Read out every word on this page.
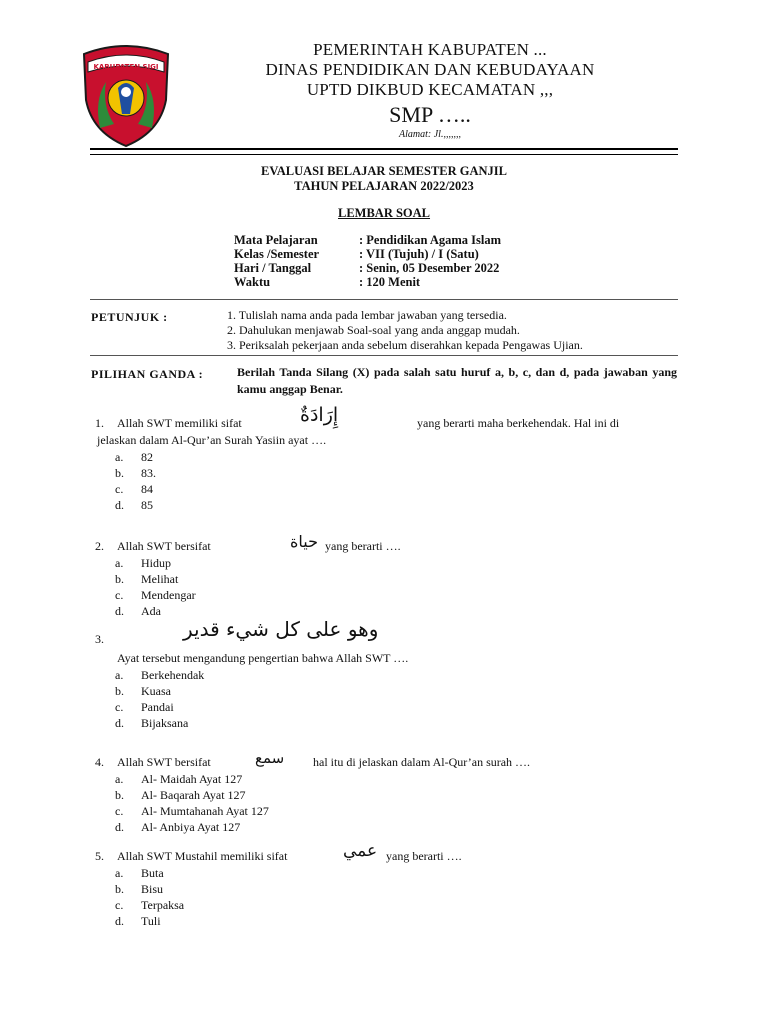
KABUPATEN SIGI
PEMERINTAH KABUPATEN ...
DINAS PENDIDIKAN DAN KEBUDAYAAN
UPTD DIKBUD KECAMATAN ,,,
SMP …..
Alamat: Jl.,,,,,,,
EVALUASI BELAJAR SEMESTER GANJIL
TAHUN PELAJARAN 2022/2023
LEMBAR SOAL
Mata Pelajaran	: Pendidikan Agama Islam
Kelas /Semester	: VII (Tujuh) / I (Satu)
Hari / Tanggal	: Senin, 05 Desember 2022
Waktu	: 120 Menit
PETUNJUK :	1. Tulislah nama anda pada lembar jawaban yang tersedia.
2. Dahulukan menjawab Soal-soal yang anda anggap mudah.
3. Periksalah pekerjaan anda sebelum diserahkan kepada Pengawas Ujian.
PILIHAN GANDA :	Berilah Tanda Silang (X) pada salah satu huruf a, b, c, dan d, pada jawaban yang kamu anggap Benar.
1. Allah SWT memiliki sifat	إِرَادَةٌ	yang berarti maha berkehendak. Hal ini di
jelaskan dalam Al-Qur’an Surah Yasiin ayat ….
a.	82
b.	83.
c.	84
d.	85
2. Allah SWT bersifat	حياة yang berarti ….
a.	Hidup
b.	Melihat
c.	Mendengar
d.	Ada
3.	وهو على كل شيء قدير
Ayat tersebut mengandung pengertian bahwa Allah SWT ….
a.	Berkehendak
b.	Kuasa
c.	Pandai
d.	Bijaksana
4. Allah SWT bersifat	سمع hal itu di jelaskan dalam Al-Qur’an surah ….
a.	Al- Maidah Ayat 127
b.	Al- Baqarah Ayat 127
c.	Al- Mumtahanah Ayat 127
d.	Al- Anbiya Ayat 127
5. Allah SWT Mustahil memiliki sifat	عمي yang berarti ….
a.	Buta
b.	Bisu
c.	Terpaksa
d.	Tuli
